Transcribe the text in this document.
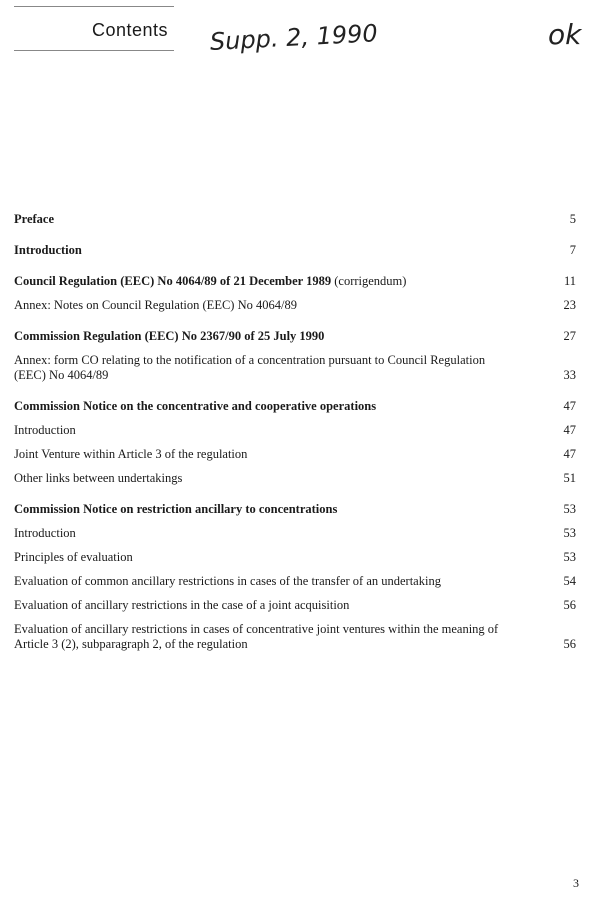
Contents Supp. 2, 1990	ok
Preface	5
Introduction	7
Council Regulation (EEC) No 4064/89 of 21 December 1989 (corrigendum)	11
Annex: Notes on Council Regulation (EEC) No 4064/89	23
Commission Regulation (EEC) No 2367/90 of 25 July 1990	27
Annex: form CO relating to the notification of a concentration pursuant to Council Regulation (EEC) No 4064/89	33
Commission Notice on the concentrative and cooperative operations	47
Introduction	47
Joint Venture within Article 3 of the regulation	47
Other links between undertakings	51
Commission Notice on restriction ancillary to concentrations	53
Introduction	53
Principles of evaluation	53
Evaluation of common ancillary restrictions in cases of the transfer of an undertaking	54
Evaluation of ancillary restrictions in the case of a joint acquisition	56
Evaluation of ancillary restrictions in cases of concentrative joint ventures within the meaning of Article 3 (2), subparagraph 2, of the regulation	56
3
